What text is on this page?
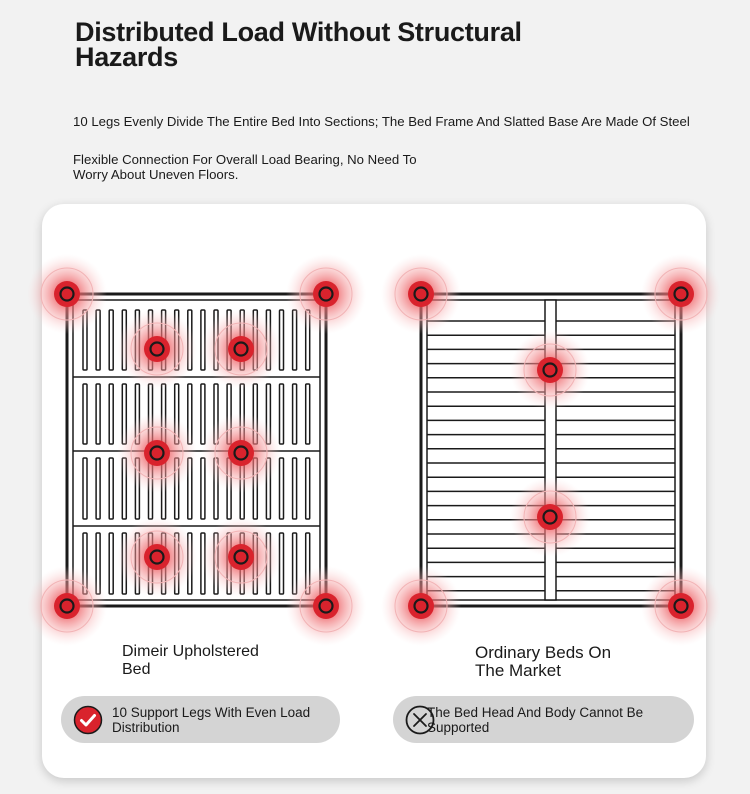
Distributed Load Without Structural
Hazards
10 Legs Evenly Divide The Entire Bed Into Sections; The Bed Frame And Slatted Base Are Made Of Steel
Flexible Connection For Overall Load Bearing, No Need To
Worry About Uneven Floors.
Dimeir Upholstered
Bed
Ordinary Beds On
The Market
10 Support Legs With Even Load
Distribution
The Bed Head And Body Cannot Be
Supported
